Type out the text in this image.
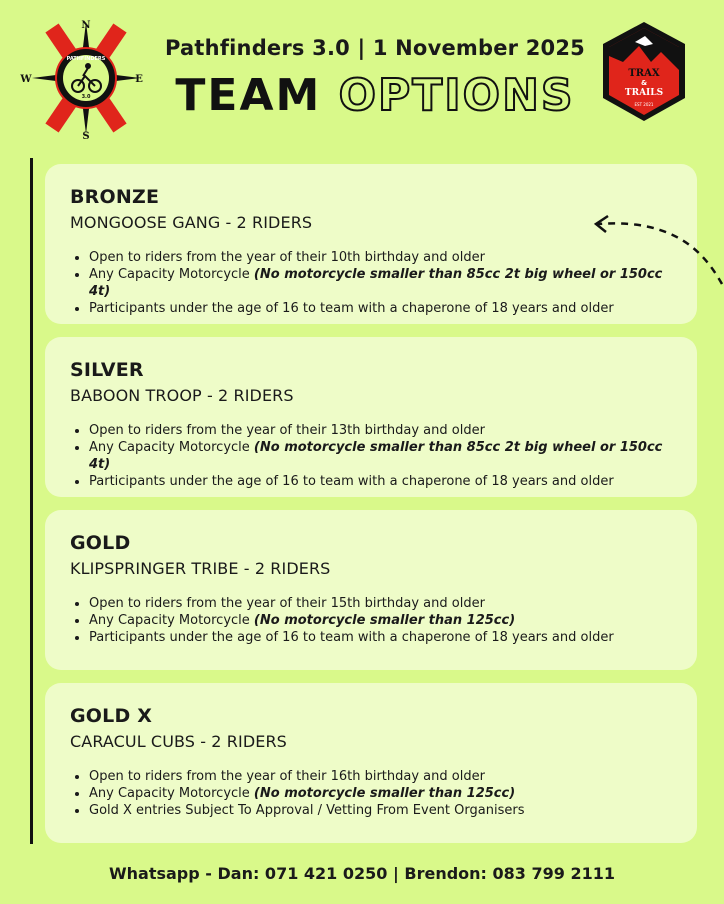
PATHFINDERS
3.0
N
S
W	E
TRAX
&
TRAILS
EST 2021
Pathfinders 3.0 | 1 November 2025
TEAM OPTIONS
BRONZE
MONGOOSE GANG - 2 RIDERS
• Open to riders from the year of their 10th birthday and older
• Any Capacity Motorcycle (No motorcycle smaller than 85cc 2t big wheel or 150cc 4t)
• Participants under the age of 16 to team with a chaperone of 18 years and older
SILVER
BABOON TROOP - 2 RIDERS
• Open to riders from the year of their 13th birthday and older
• Any Capacity Motorcycle (No motorcycle smaller than 85cc 2t big wheel or 150cc 4t)
• Participants under the age of 16 to team with a chaperone of 18 years and older
GOLD
KLIPSPRINGER TRIBE - 2 RIDERS
• Open to riders from the year of their 15th birthday and older
• Any Capacity Motorcycle (No motorcycle smaller than 125cc)
• Participants under the age of 16 to team with a chaperone of 18 years and older
GOLD X
CARACUL CUBS - 2 RIDERS
• Open to riders from the year of their 16th birthday and older
• Any Capacity Motorcycle (No motorcycle smaller than 125cc)
• Gold X entries Subject To Approval / Vetting From Event Organisers
Whatsapp - Dan: 071 421 0250 | Brendon: 083 799 2111
